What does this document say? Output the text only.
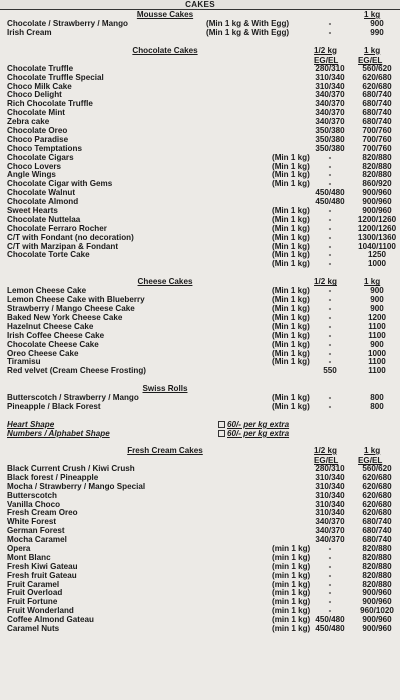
CAKES
Mousse Cakes	1 kg
Chocolate / Strawberry / Mango	(Min 1 kg & With Egg)	-	900
Irish Cream	(Min 1 kg & With Egg)	-	990
Chocolate Cakes	1/2 kg	1 kg
EG/EL EG/EL
Chocolate Truffle	280/310	560/620
Chocolate Truffle Special	310/340	620/680
Choco Milk Cake	310/340	620/680
Choco Delight	340/370	680/740
Rich Chocolate Truffle	340/370	680/740
Chocolate Mint	340/370	680/740
Zebra cake	340/370	680/740
Chocolate Oreo	350/380	700/760
Choco Paradise	350/380	700/760
Choco Temptations	350/380	700/760
Chocolate Cigars	(Min 1 kg)	-	820/880
Choco Lovers	(Min 1 kg)	-	820/880
Angle Wings	(Min 1 kg)	-	820/880
Chocolate Cigar with Gems	(Min 1 kg)	-	860/920
Chocolate Walnut	450/480	900/960
Chocolate Almond	450/480	900/960
Sweet Hearts	(Min 1 kg)	-	900/960
Chocolate Nuttelaa	(Min 1 kg)	-	1200/1260
Chocolate Ferraro Rocher	(Min 1 kg)	-	1200/1260
C/T with Fondant (no decoration)	(Min 1 kg)	-	1300/1360
C/T with Marzipan & Fondant	(Min 1 kg)	-	1040/1100
Chocolate Torte Cake	(Min 1 kg)	-	1250
(Min 1 kg)	-	1000
Cheese Cakes	1/2 kg	1 kg
Lemon Cheese Cake	(Min 1 kg)	-	900
Lemon Cheese Cake with Blueberry	(Min 1 kg)	-	900
Strawberry / Mango Cheese Cake	(Min 1 kg)	-	900
Baked New York Cheese Cake	(Min 1 kg)	-	1200
Hazelnut Cheese Cake	(Min 1 kg)	-	1100
Irish Coffee Cheese Cake	(Min 1 kg)	-	1100
Chocolate Cheese Cake	(Min 1 kg)	-	900
Oreo Cheese Cake	(Min 1 kg)	-	1000
Tiramisu	(Min 1 kg)	-	1100
Red velvet (Cream Cheese Frosting)	550	1100
Swiss Rolls
Butterscotch / Strawberry / Mango	(Min 1 kg)	-	800
Pineapple / Black Forest	(Min 1 kg)	-	800
Heart Shape	60/- per kg extra
Numbers / Alphabet Shape	60/- per kg extra
Fresh Cream Cakes	1/2 kg	1 kg
EG/EL EG/EL
Black Current Crush / Kiwi Crush	280/310	560/620
Black forest / Pineapple	310/340	620/680
Mocha / Strawberry / Mango Special	310/340	620/680
Butterscotch	310/340	620/680
Vanilla Choco	310/340	620/680
Fresh Cream Oreo	310/340	620/680
White Forest	340/370	680/740
German Forest	340/370	680/740
Mocha Caramel	340/370	680/740
Opera	(min 1 kg)	-	820/880
Mont Blanc	(min 1 kg)	-	820/880
Fresh Kiwi Gateau	(min 1 kg)	-	820/880
Fresh fruit Gateau	(min 1 kg)	-	820/880
Fruit Caramel	(min 1 kg)	-	820/880
Fruit Overload	(min 1 kg)	-	900/960
Fruit Fortune	(min 1 kg)	-	900/960
Fruit Wonderland	(min 1 kg)	-	960/1020
Coffee Almond Gateau	(min 1 kg) 450/480	900/960
Caramel Nuts	(min 1 kg) 450/480	900/960
